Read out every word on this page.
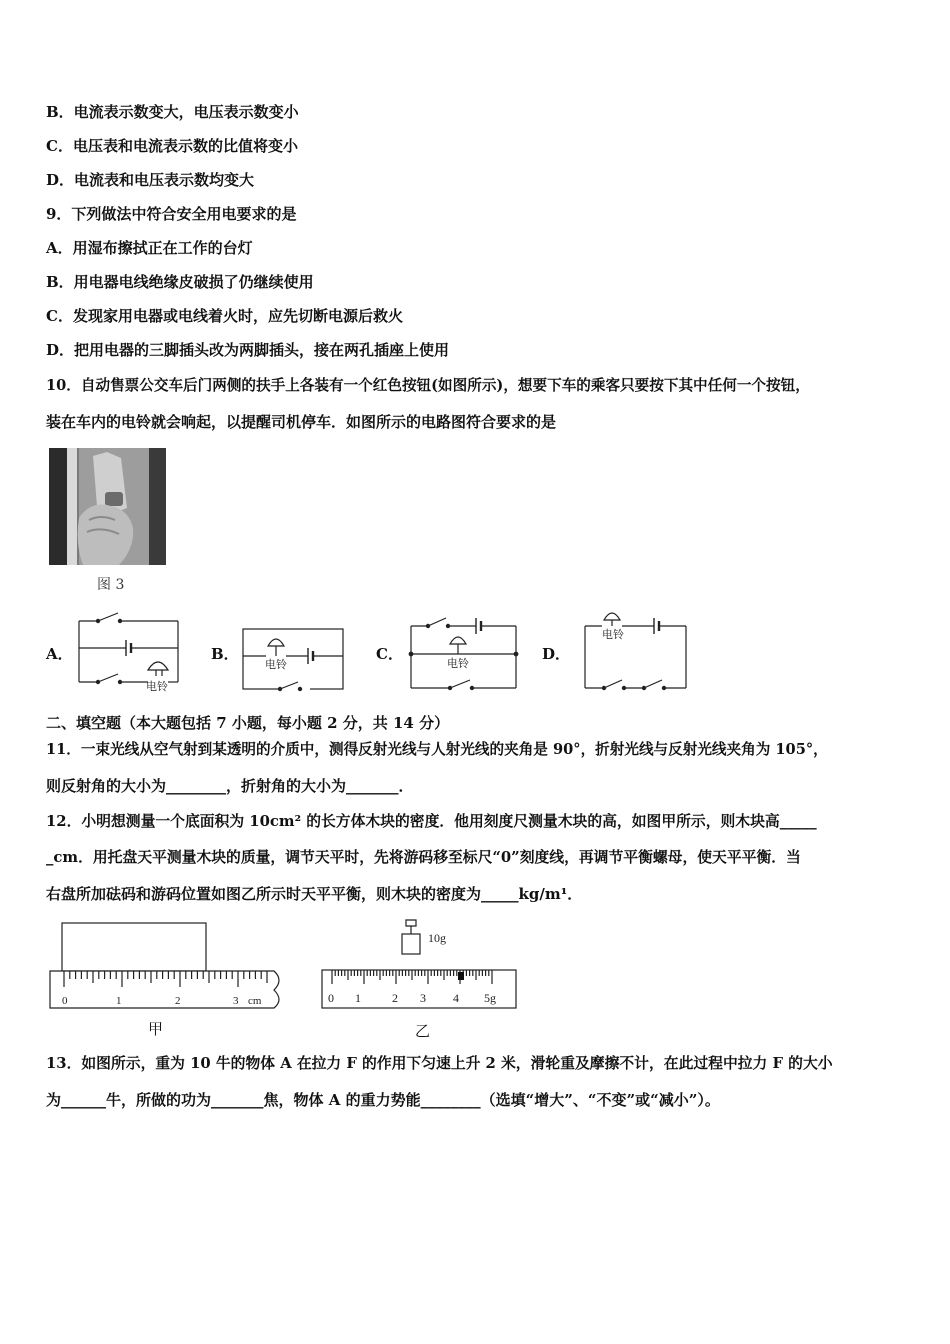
B．电流表示数变大，电压表示数变小
C．电压表和电流表示数的比值将变小
D．电流表和电压表示数均变大
9．下列做法中符合安全用电要求的是
A．用湿布擦拭正在工作的台灯
B．用电器电线绝缘皮破损了仍继续使用
C．发现家用电器或电线着火时，应先切断电源后救火
D．把用电器的三脚插头改为两脚插头，接在两孔插座上使用
10．自动售票公交车后门两侧的扶手上各装有一个红色按钮(如图所示)，想要下车的乘客只要按下其中任何一个按钮，
装在车内的电铃就会响起，以提醒司机停车．如图所示的电路图符合要求的是
图 3
A．
电铃
B．
电铃
C．
电铃
D．
电铃
二、填空题（本大题包括 7 小题，每小题 2 分，共 14 分）
11．一束光线从空气射到某透明的介质中，测得反射光线与人射光线的夹角是 90°，折射光线与反射光线夹角为 105°，
则反射角的大小为________，折射角的大小为_______．
12．小明想测量一个底面积为 10cm² 的长方体木块的密度．他用刻度尺测量木块的高，如图甲所示，则木块高_____
_cm．用托盘天平测量木块的质量，调节天平时，先将游码移至标尺“0”刻度线，再调节平衡螺母，使天平平衡．当
右盘所加砝码和游码位置如图乙所示时天平平衡，则木块的密度为_____kg/m¹．
0	1	2	3 cm
甲
10g
0 1	2 3 4 5g
乙
13．如图所示，重为 10 牛的物体 A 在拉力 F 的作用下匀速上升 2 米，滑轮重及摩擦不计，在此过程中拉力 F 的大小
为______牛，所做的功为_______焦，物体 A 的重力势能________（选填“增大”、“不变”或“减小”）。
